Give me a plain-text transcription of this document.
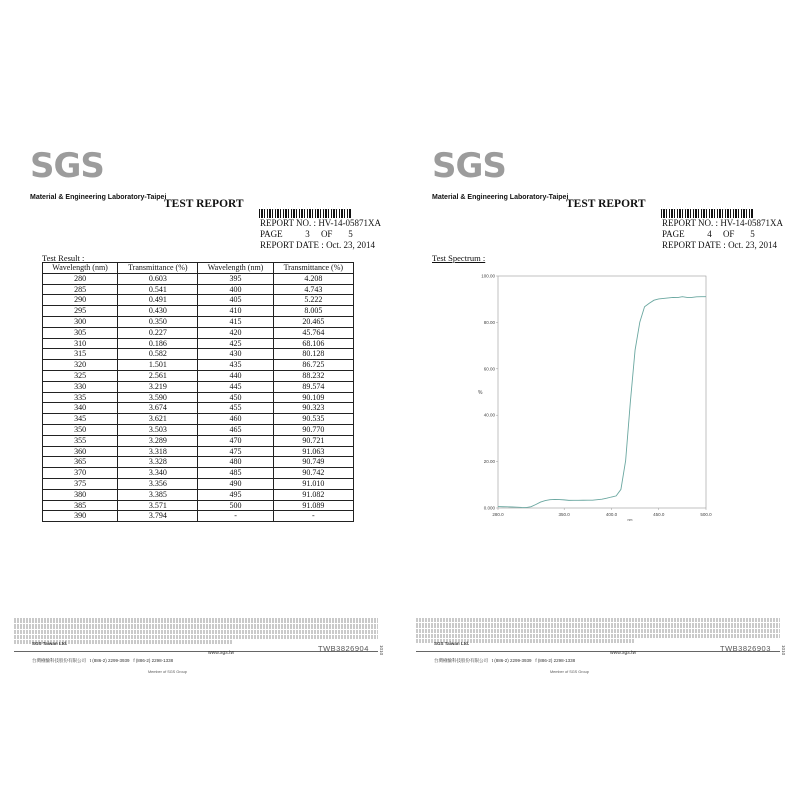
SGS
Material & Engineering Laboratory-Taipei
TEST REPORT
REPORT NO. : HV-14-05871XA
PAGE	3 OF 5
REPORT DATE : Oct. 23, 2014
Test Result :
Wavelength (nm)	Transmittance (%)	Wavelength (nm)	Transmittance (%)
280	0.603	395	4.208
285	0.541	400	4.743
290	0.491	405	5.222
295	0.430	410	8.005
300	0.350	415	20.465
305	0.227	420	45.764
310	0.186	425	68.106
315	0.582	430	80.128
320	1.501	435	86.725
325	2.561	440	88.232
330	3.219	445	89.574
335	3.590	450	90.109
340	3.674	455	90.323
345	3.621	460	90.535
350	3.503	465	90.770
355	3.289	470	90.721
360	3.318	475	91.063
365	3.328	480	90.749
370	3.340	485	90.742
375	3.356	490	91.010
380	3.385	495	91.082
385	3.571	500	91.089
390	3.794	-	-
SGS Taiwan Ltd.
TWB3826904
www.sgs.tw
台灣檢驗科技股份有限公司 t (886-2) 2299-3939 f (886-2) 2298-1338
Member of SGS Group
1010
SGS
Material & Engineering Laboratory-Taipei
TEST REPORT
REPORT NO. : HV-14-05871XA
PAGE	4 OF 5
REPORT DATE : Oct. 23, 2014
Test Spectrum :
0.000
20.00
40.00
60.00
80.00
100.00
280.0	350.0	400.0	450.0	500.0
%
nm
SGS Taiwan Ltd.
TWB3826903
www.sgs.tw
台灣檢驗科技股份有限公司 t (886-2) 2299-3939 f (886-2) 2298-1338
Member of SGS Group
1010
